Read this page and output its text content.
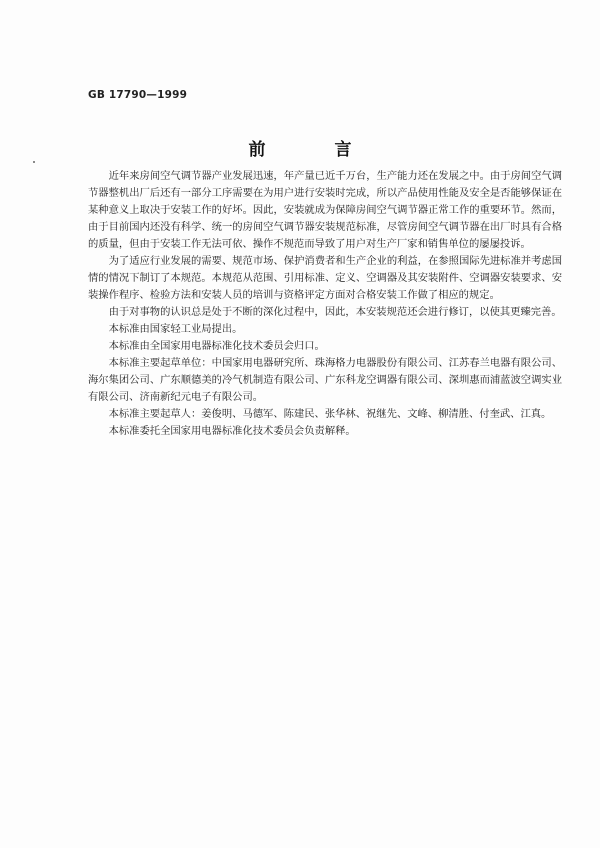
GB 17790—1999
前　言

近年来房间空气调节器产业发展迅速，年产量已近千万台，生产能力还在发展之中。由于房间空气调节器整机出厂后还有一部分工序需要在为用户进行安装时完成，所以产品使用性能及安全是否能够保证在某种意义上取决于安装工作的好坏。因此，安装就成为保障房间空气调节器正常工作的重要环节。然而，由于目前国内还没有科学、统一的房间空气调节器安装规范标准，尽管房间空气调节器在出厂时具有合格的质量，但由于安装工作无法可依、操作不规范而导致了用户对生产厂家和销售单位的屡屡投诉。

为了适应行业发展的需要、规范市场、保护消费者和生产企业的利益，在参照国际先进标准并考虑国情的情况下制订了本规范。本规范从范围、引用标准、定义、空调器及其安装附件、空调器安装要求、安装操作程序、检验方法和安装人员的培训与资格评定方面对合格安装工作做了相应的规定。

由于对事物的认识总是处于不断的深化过程中，因此，本安装规范还会进行修订，以使其更臻完善。

本标准由国家轻工业局提出。

本标准由全国家用电器标准化技术委员会归口。

本标准主要起草单位：中国家用电器研究所、珠海格力电器股份有限公司、江苏春兰电器有限公司、海尔集团公司、广东顺德美的冷气机制造有限公司、广东科龙空调器有限公司、深圳惠而浦蓝波空调实业有限公司、济南新纪元电子有限公司。

本标准主要起草人：姜俊明、马德军、陈建民、张华林、祝继先、文峰、柳清胜、付奎武、江真。

本标准委托全国家用电器标准化技术委员会负责解释。
